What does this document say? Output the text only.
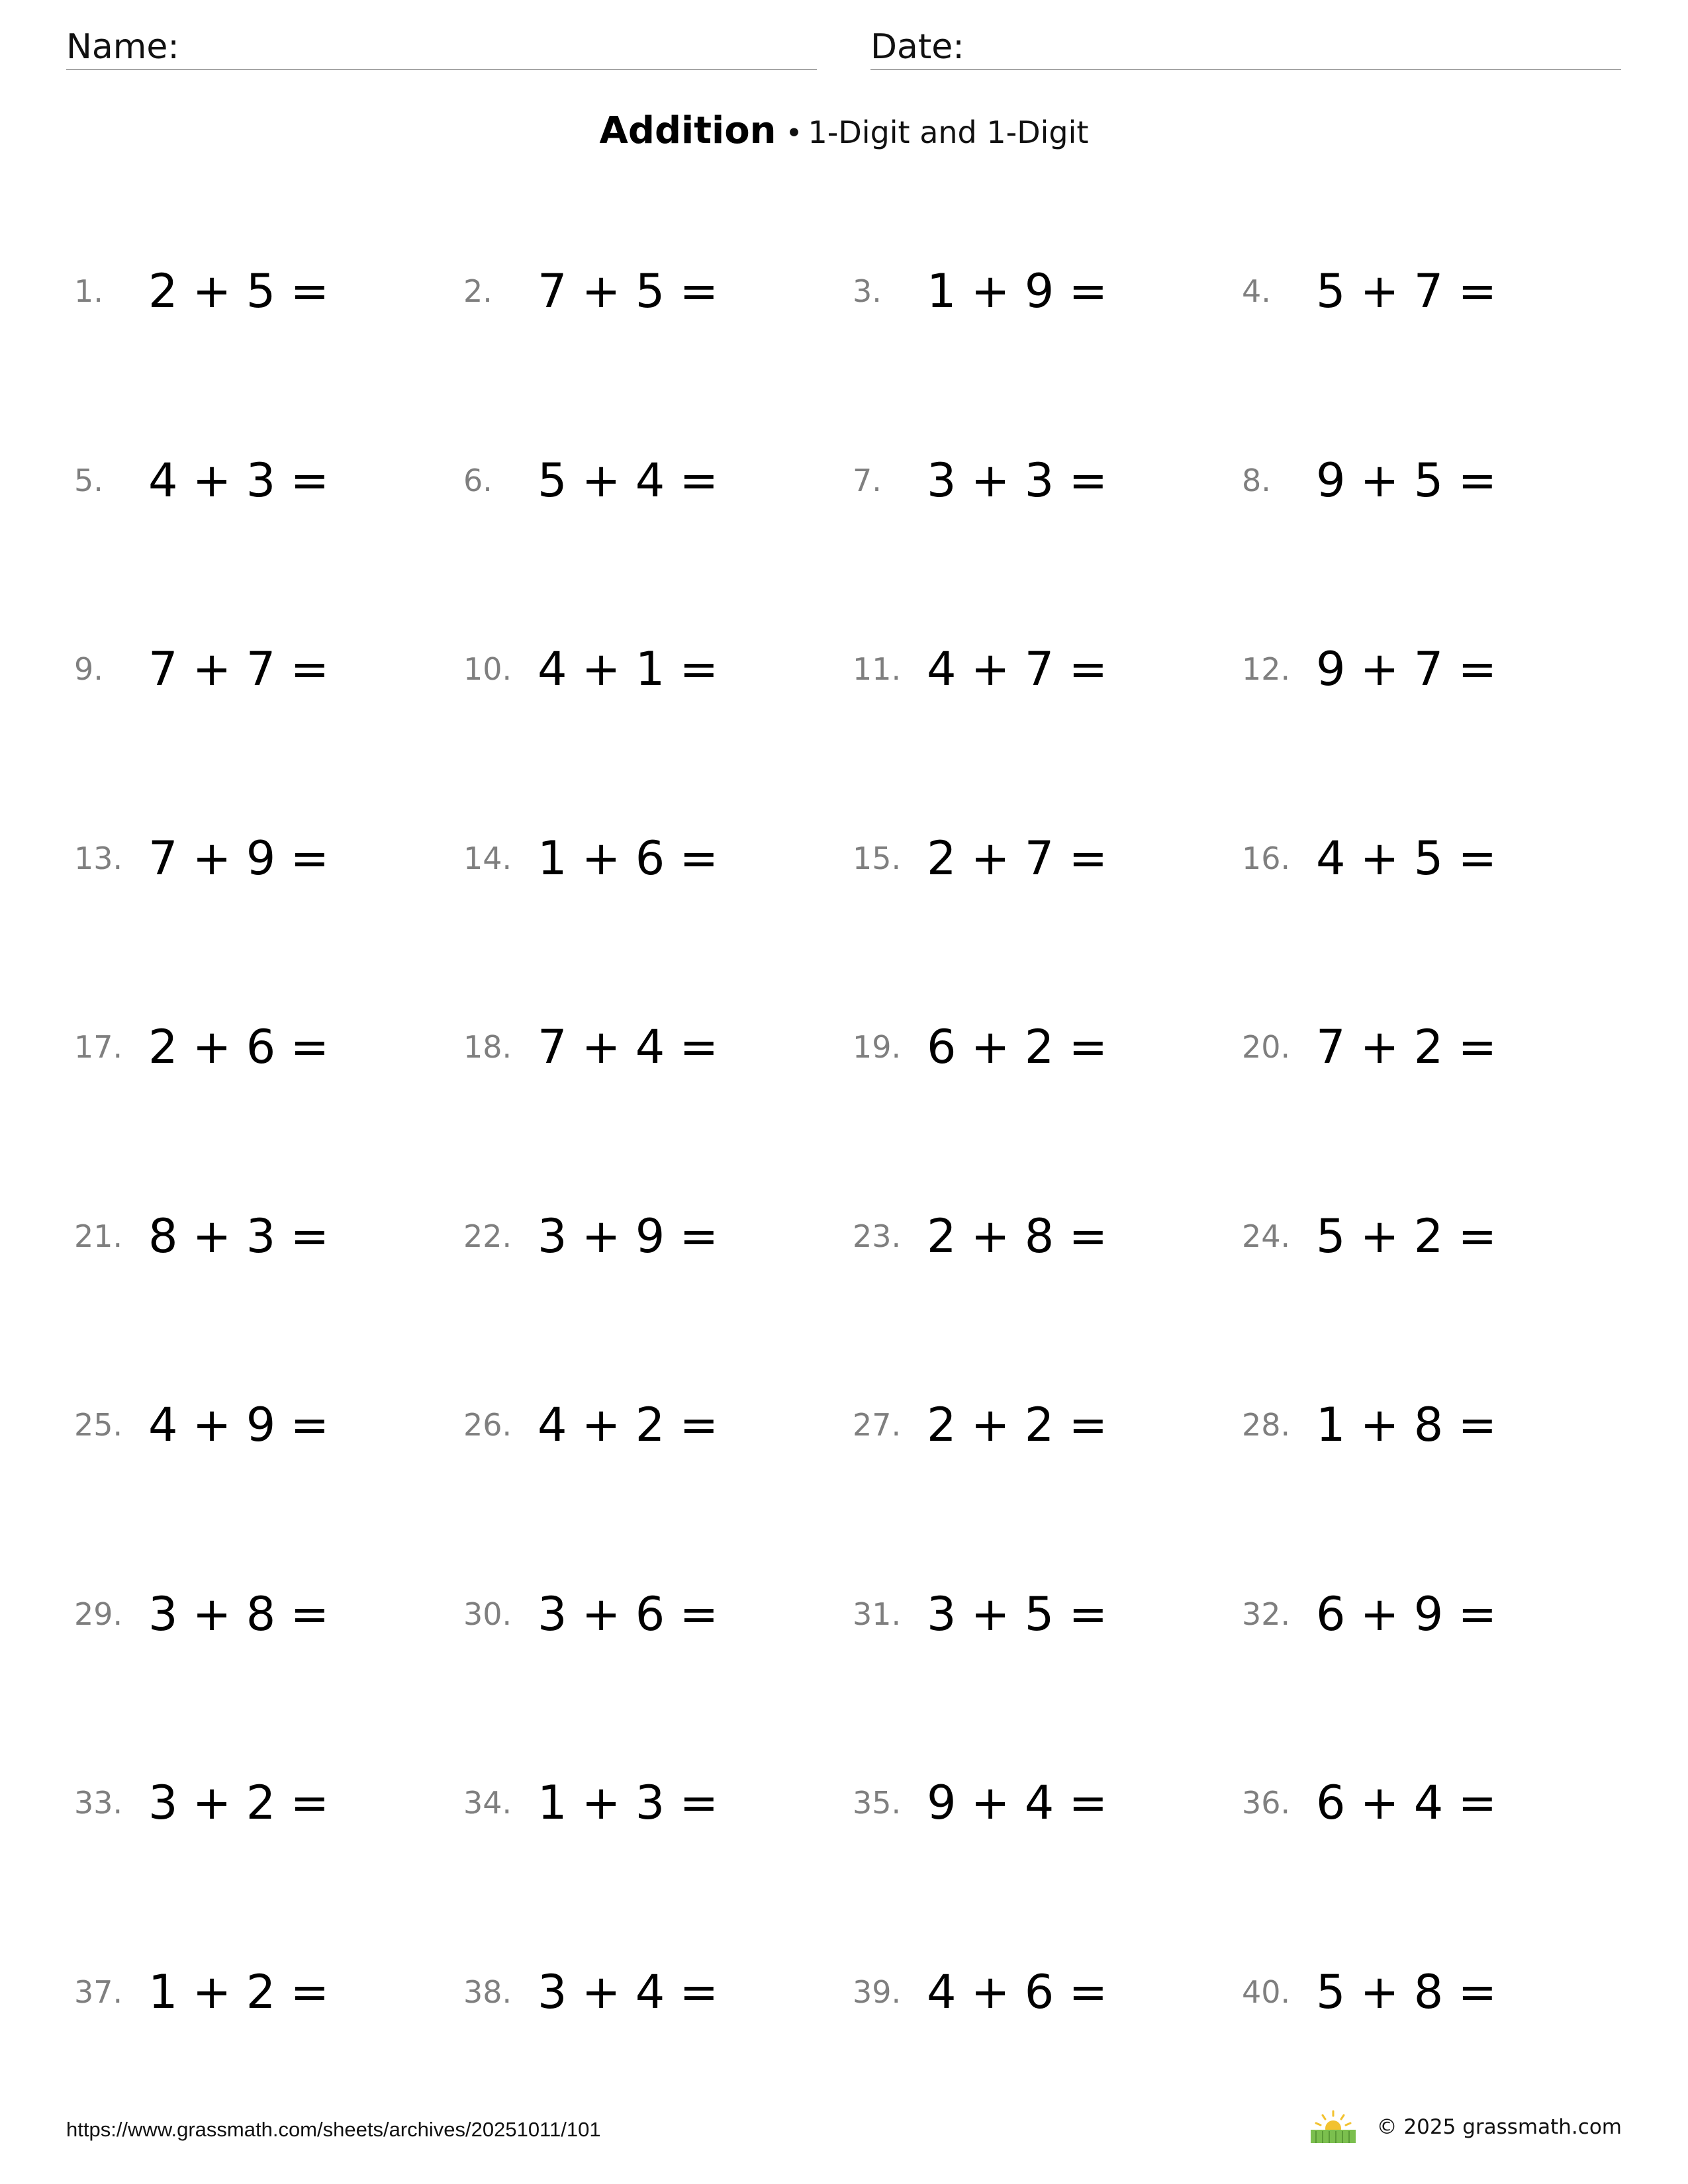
Name:	Date:
Addition • 1-Digit and 1-Digit
1. 2 + 5 =	2. 7 + 5 =	3. 1 + 9 =	4. 5 + 7 =
5. 4 + 3 =	6. 5 + 4 =	7. 3 + 3 =	8. 9 + 5 =
9. 7 + 7 =	10. 4 + 1 =	11. 4 + 7 =	12. 9 + 7 =
13. 7 + 9 =	14. 1 + 6 =	15. 2 + 7 =	16. 4 + 5 =
17. 2 + 6 =	18. 7 + 4 =	19. 6 + 2 =	20. 7 + 2 =
21. 8 + 3 =	22. 3 + 9 =	23. 2 + 8 =	24. 5 + 2 =
25. 4 + 9 =	26. 4 + 2 =	27. 2 + 2 =	28. 1 + 8 =
29. 3 + 8 =	30. 3 + 6 =	31. 3 + 5 =	32. 6 + 9 =
33. 3 + 2 =	34. 1 + 3 =	35. 9 + 4 =	36. 6 + 4 =
37. 1 + 2 =	38. 3 + 4 =	39. 4 + 6 =	40. 5 + 8 =
https://www.grassmath.com/sheets/archives/20251011/101	© 2025 grassmath.com
